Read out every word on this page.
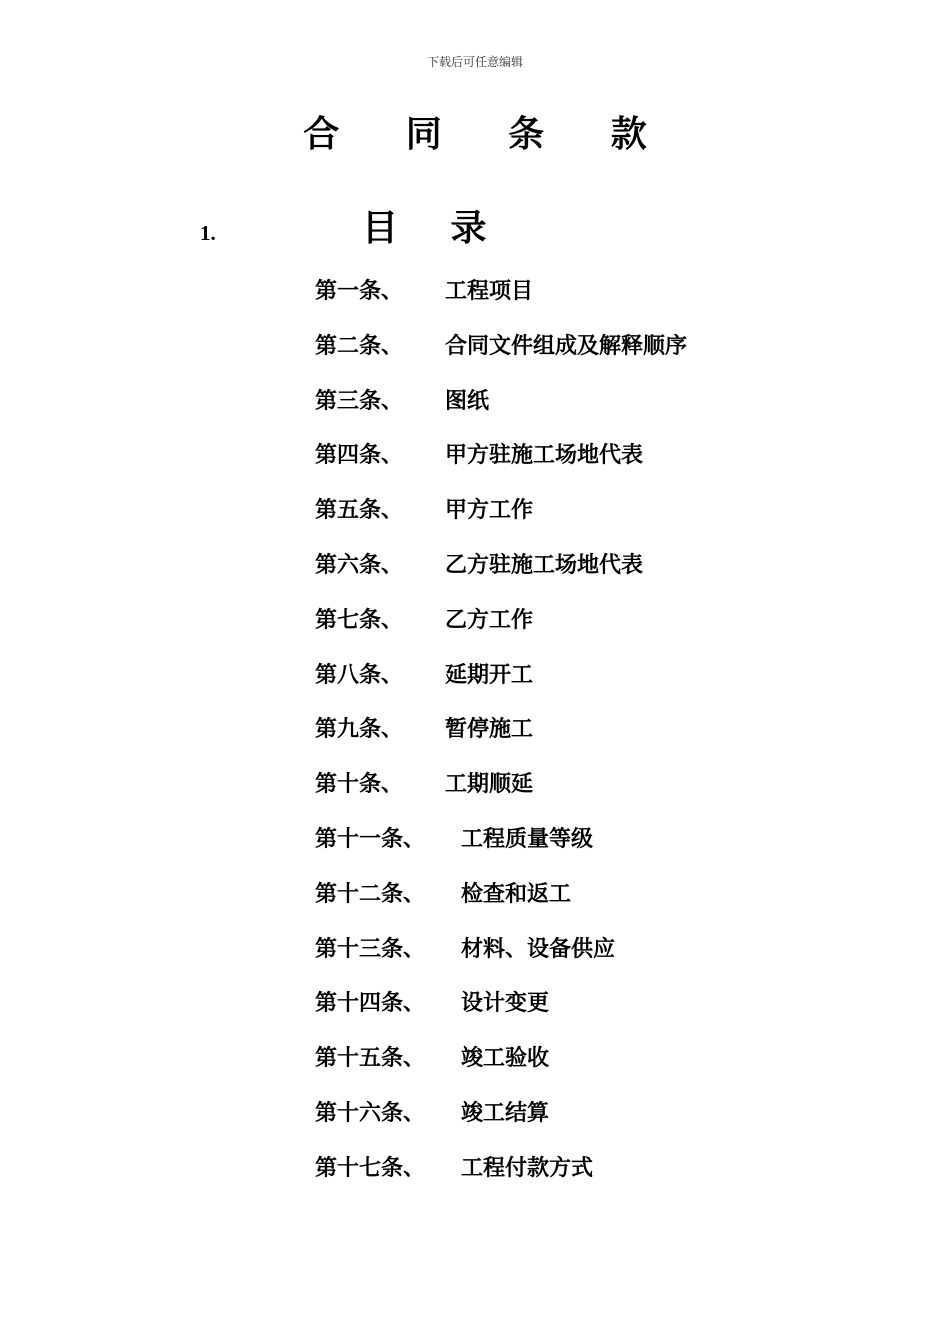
下载后可任意编辑
合 同 条 款
1.	目 录
第一条、 工程项目
第二条、 合同文件组成及解释顺序
第三条、 图纸
第四条、 甲方驻施工场地代表
第五条、 甲方工作
第六条、 乙方驻施工场地代表
第七条、 乙方工作
第八条、 延期开工
第九条、 暂停施工
第十条、 工期顺延
第十一条、 工程质量等级
第十二条、 检查和返工
第十三条、 材料、设备供应
第十四条、 设计变更
第十五条、 竣工验收
第十六条、 竣工结算
第十七条、 工程付款方式
